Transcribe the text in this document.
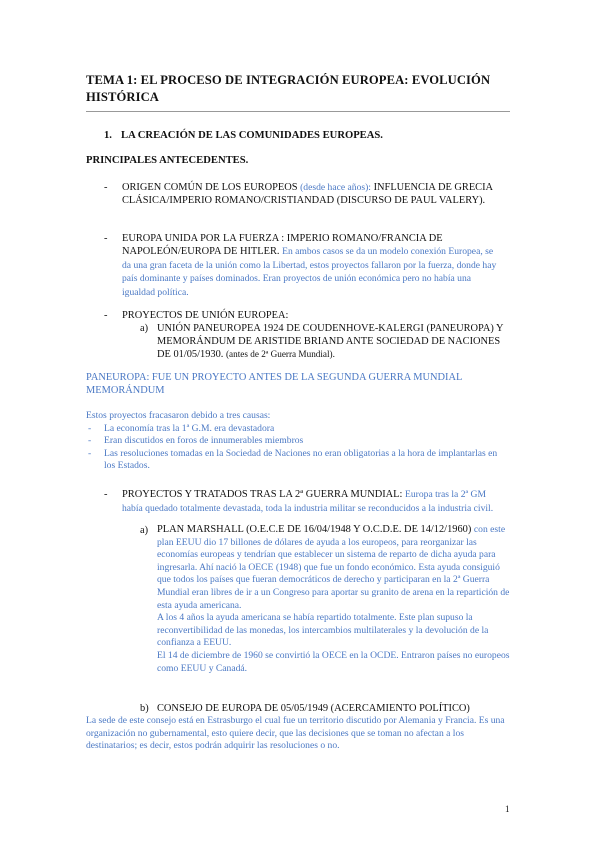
TEMA 1: EL PROCESO DE INTEGRACIÓN EUROPEA: EVOLUCIÓN HISTÓRICA
1. LA CREACIÓN DE LAS COMUNIDADES EUROPEAS.
PRINCIPALES ANTECEDENTES.
- ORIGEN COMÚN DE LOS EUROPEOS (desde hace años): INFLUENCIA DE GRECIA CLÁSICA/IMPERIO ROMANO/CRISTIANDAD (DISCURSO DE PAUL VALERY).
- EUROPA UNIDA POR LA FUERZA : IMPERIO ROMANO/FRANCIA DE NAPOLEÓN/EUROPA DE HITLER. En ambos casos se da un modelo conexión Europea, se da una gran faceta de la unión como la Libertad, estos proyectos fallaron por la fuerza, donde hay país dominante y países dominados. Eran proyectos de unión económica pero no había una igualdad política.
- PROYECTOS DE UNIÓN EUROPEA:
a) UNIÓN PANEUROPEA 1924 DE COUDENHOVE-KALERGI (PANEUROPA) Y MEMORÁNDUM DE ARISTIDE BRIAND ANTE SOCIEDAD DE NACIONES DE 01/05/1930. (antes de 2ª Guerra Mundial).
PANEUROPA: FUE UN PROYECTO ANTES DE LA SEGUNDA GUERRA MUNDIAL MEMORÁNDUM
Estos proyectos fracasaron debido a tres causas:
- La economía tras la 1ª G.M. era devastadora
- Eran discutidos en foros de innumerables miembros
- Las resoluciones tomadas en la Sociedad de Naciones no eran obligatorias a la hora de implantarlas en los Estados.
- PROYECTOS Y TRATADOS TRAS LA 2ª GUERRA MUNDIAL: Europa tras la 2ª GM había quedado totalmente devastada, toda la industria militar se reconducidos a la industria civil.
a) PLAN MARSHALL (O.E.C.E DE 16/04/1948 Y O.C.D.E. DE 14/12/1960) con este plan EEUU dio 17 billones de dólares de ayuda a los europeos, para reorganizar las economías europeas y tendrían que establecer un sistema de reparto de dicha ayuda para ingresarla. Ahí nació la OECE (1948) que fue un fondo económico. Esta ayuda consiguió que todos los países que fueran democráticos de derecho y participaran en la 2ª Guerra Mundial eran libres de ir a un Congreso para aportar su granito de arena en la repartición de esta ayuda americana.
A los 4 años la ayuda americana se había repartido totalmente. Este plan supuso la reconvertibilidad de las monedas, los intercambios multilaterales y la devolución de la confianza a EEUU.
El 14 de diciembre de 1960 se convirtió la OECE en la OCDE. Entraron países no europeos como EEUU y Canadá.
b) CONSEJO DE EUROPA DE 05/05/1949 (ACERCAMIENTO POLÍTICO)
La sede de este consejo está en Estrasburgo el cual fue un territorio discutido por Alemania y Francia. Es una organización no gubernamental, esto quiere decir, que las decisiones que se toman no afectan a los destinatarios; es decir, estos podrán adquirir las resoluciones o no.
1
